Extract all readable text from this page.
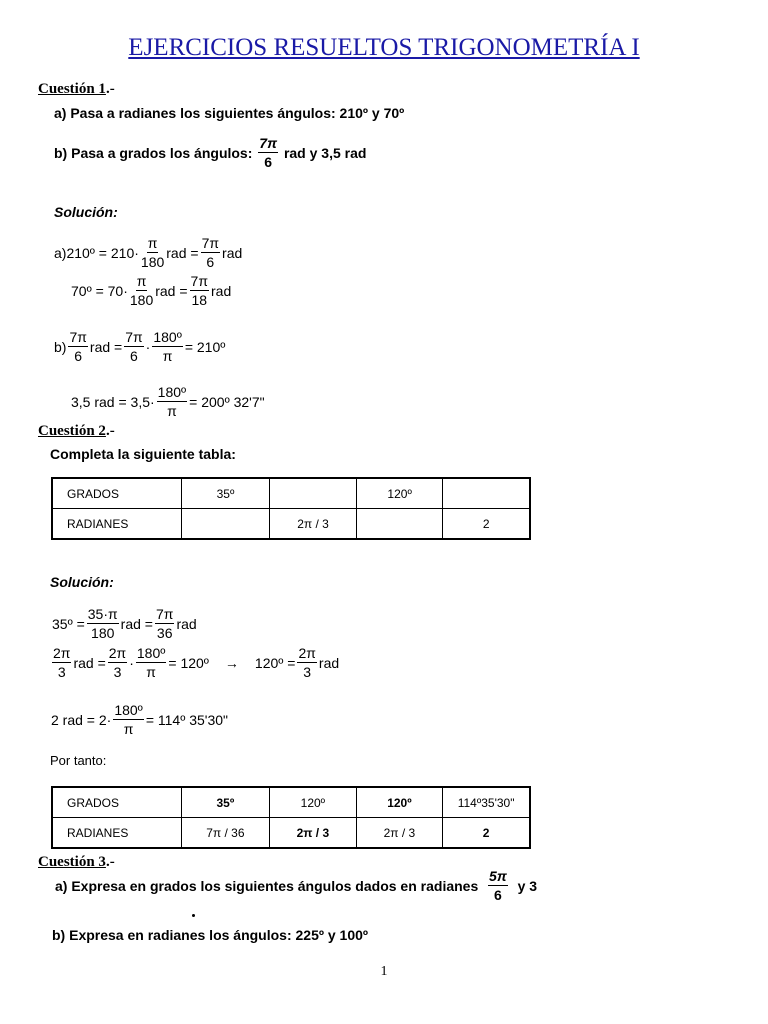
EJERCICIOS RESUELTOS TRIGONOMETRÍA I
Cuestión 1.-
a) Pasa a radianes los siguientes ángulos: 210º y 70º
b) Pasa a grados los ángulos:
$\frac{7\pi}{6}$
rad y 3,5 rad
Solución:
a)210º = $210\cdot \frac{\pi}{180}$ rad = $\frac{7\pi}{6}$ rad
70º = $70\cdot \frac{\pi}{180}$ rad = $\frac{7\pi}{18}$ rad
$b) \frac{7\pi}{6}$ rad = $\frac{7\pi}{6} \cdot \frac{\text{180º}}{\pi}$ = 210º
3,5 rad = $3,5\cdot \frac{\text{180º}}{\pi}$ = 200º 32'7"
Cuestión 2.-
Completa la siguiente tabla:
GRADOS	35º		120º	
RADIANES		2π / 3		2
Solución:
35º = $\frac{35\cdot\pi}{180}$ rad = $\frac{7\pi}{36}$ rad
$\frac{2\pi}{3}$ rad = $\frac{2\pi}{3} \cdot \frac{\text{180º}}{\pi}$ = 120º → 120º = $\frac{2\pi}{3}$ rad
2 rad = $2\cdot \frac{\text{180º}}{\pi}$ = 114º 35'30"
Por tanto:
GRADOS	35º	120º	120º	114º35'30"
RADIANES	7π / 36	2π / 3	2π / 3	2
Cuestión 3.-
a) Expresa en grados los siguientes ángulos dados en radianes
$\frac{5\pi}{6}$
y 3
b) Expresa en radianes los ángulos: 225º y 100º
1
